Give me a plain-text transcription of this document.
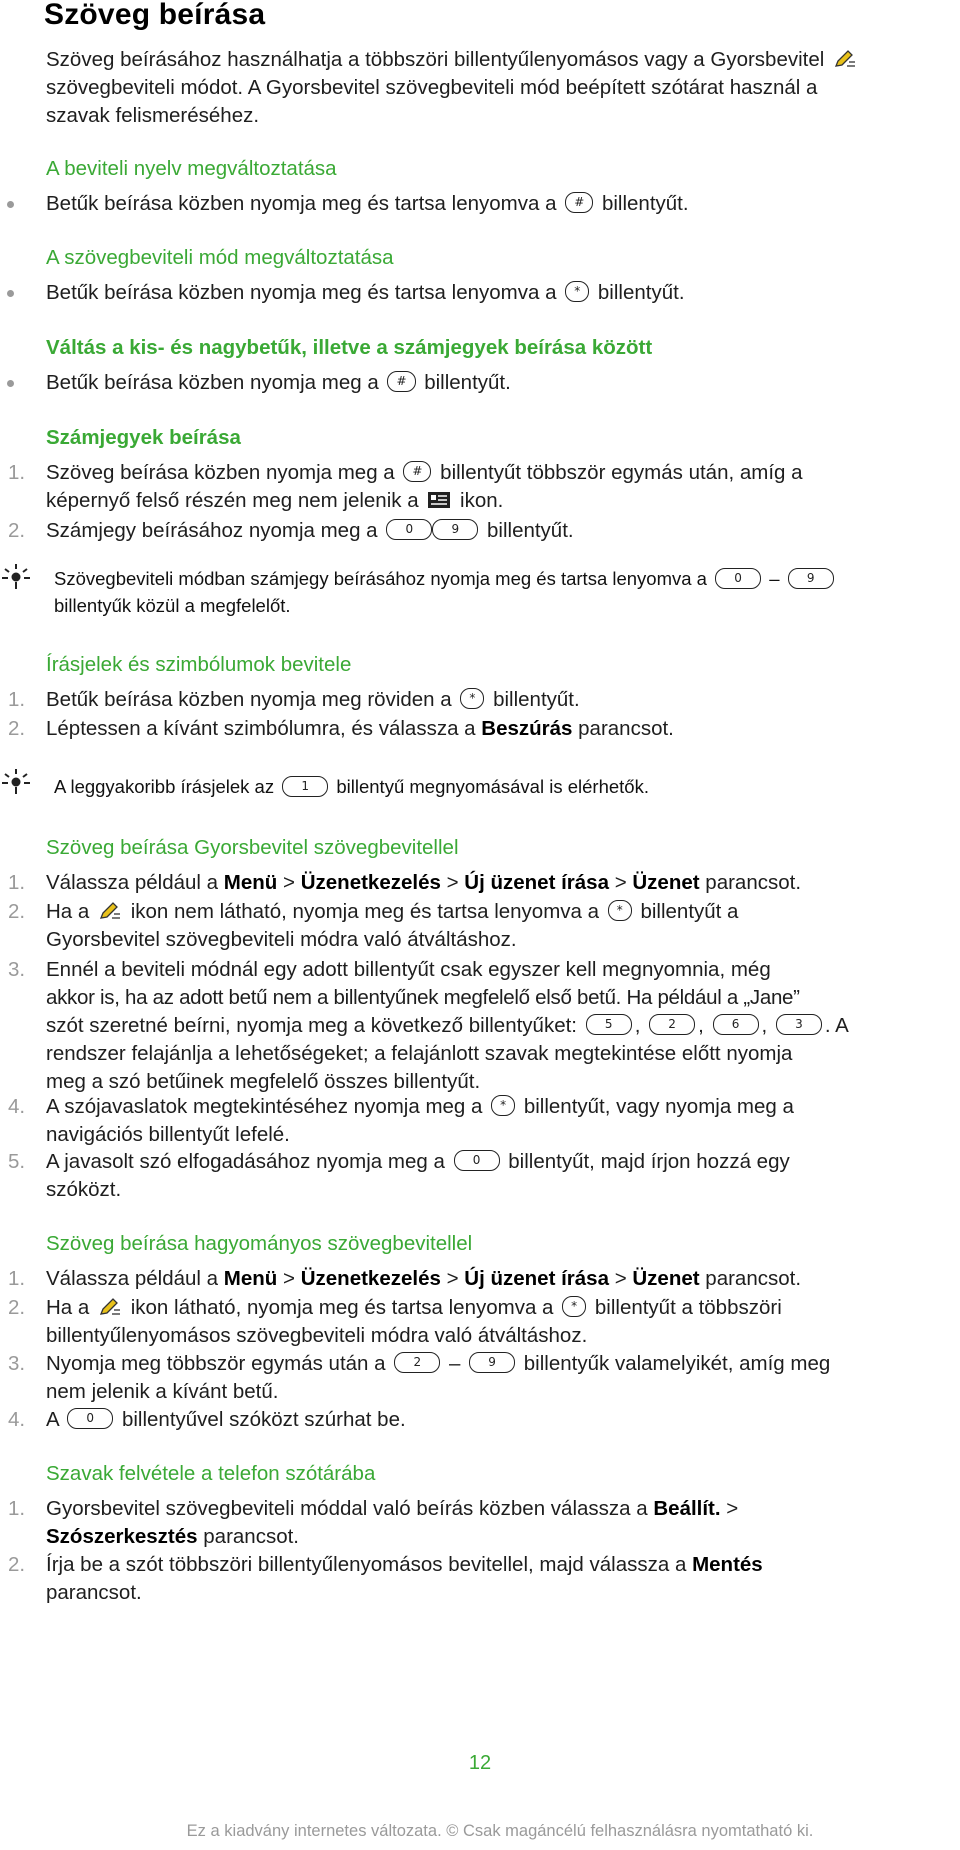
Szöveg beírása
Szöveg beírásához használhatja a többszöri billentyűlenyomásos vagy a Gyorsbevitel
szövegbeviteli módot. A Gyorsbevitel szövegbeviteli mód beépített szótárat használ a
szavak felismeréséhez.
A beviteli nyelv megváltoztatása
Betűk beírása közben nyomja meg és tartsa lenyomva a # billentyűt.
A szövegbeviteli mód megváltoztatása
Betűk beírása közben nyomja meg és tartsa lenyomva a * billentyűt.
Váltás a kis- és nagybetűk, illetve a számjegyek beírása között
Betűk beírása közben nyomja meg a # billentyűt.
Számjegyek beírása
1.	Szöveg beírása közben nyomja meg a # billentyűt többször egymás után, amíg a
képernyő felső részén meg nem jelenik a ikon.
2.	Számjegy beírásához nyomja meg a 0	9 billentyűt.
Szövegbeviteli módban számjegy beírásához nyomja meg és tartsa lenyomva a 0 – 9
billentyűk közül a megfelelőt.
Írásjelek és szimbólumok bevitele
1.	Betűk beírása közben nyomja meg röviden a * billentyűt.
2.	Léptessen a kívánt szimbólumra, és válassza a Beszúrás parancsot.
A leggyakoribb írásjelek az 1 billentyű megnyomásával is elérhetők.
Szöveg beírása Gyorsbevitel szövegbevitellel
1.	Válassza például a Menü > Üzenetkezelés > Új üzenet írása > Üzenet parancsot.
2.	Ha a ikon nem látható, nyomja meg és tartsa lenyomva a * billentyűt a
Gyorsbevitel szövegbeviteli módra való átváltáshoz.
3.	Ennél a beviteli módnál egy adott billentyűt csak egyszer kell megnyomnia, még
akkor is, ha az adott betű nem a billentyűnek megfelelő első betű. Ha például a „Jane”
szót szeretné beírni, nyomja meg a következő billentyűket: 5 , 2 , 6 , 3 . A
rendszer felajánlja a lehetőségeket; a felajánlott szavak megtekintése előtt nyomja
meg a szó betűinek megfelelő összes billentyűt.
4.	A szójavaslatok megtekintéséhez nyomja meg a * billentyűt, vagy nyomja meg a
navigációs billentyűt lefelé.
5.	A javasolt szó elfogadásához nyomja meg a 0 billentyűt, majd írjon hozzá egy
szóközt.
Szöveg beírása hagyományos szövegbevitellel
1.	Válassza például a Menü > Üzenetkezelés > Új üzenet írása > Üzenet parancsot.
2.	Ha a ikon látható, nyomja meg és tartsa lenyomva a * billentyűt a többszöri
billentyűlenyomásos szövegbeviteli módra való átváltáshoz.
3.	Nyomja meg többször egymás után a 2 – 9 billentyűk valamelyikét, amíg meg
nem jelenik a kívánt betű.
4.	A 0 billentyűvel szóközt szúrhat be.
Szavak felvétele a telefon szótárába
1.	Gyorsbevitel szövegbeviteli móddal való beírás közben válassza a Beállít. >
Szószerkesztés parancsot.
2.	Írja be a szót többszöri billentyűlenyomásos bevitellel, majd válassza a Mentés
parancsot.
12
Ez a kiadvány internetes változata. © Csak magáncélú felhasználásra nyomtatható ki.
